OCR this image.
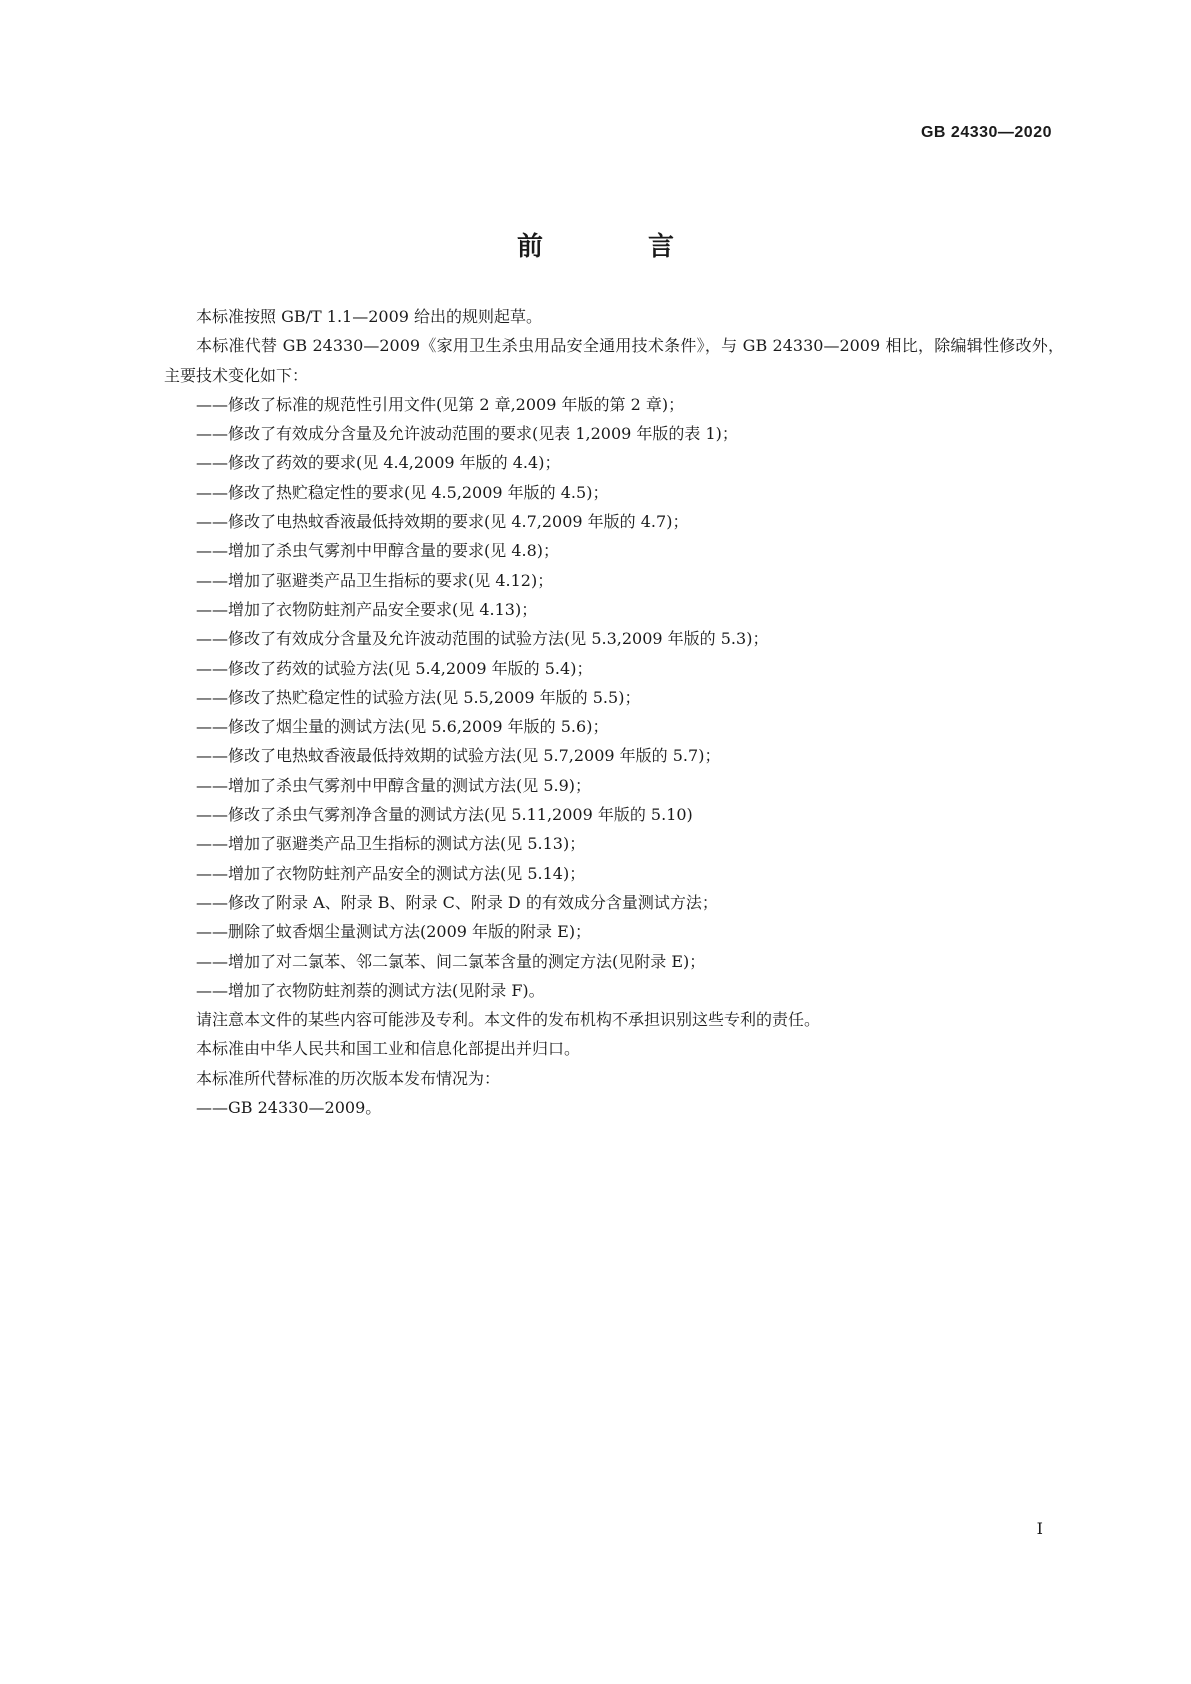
GB 24330—2020
前 言

本标准按照 GB/T 1.1—2009 给出的规则起草。

本标准代替 GB 24330—2009《家用卫生杀虫用品安全通用技术条件》，与 GB 24330—2009 相比，除编辑性修改外，主要技术变化如下：

——修改了标准的规范性引用文件(见第 2 章,2009 年版的第 2 章)；

——修改了有效成分含量及允许波动范围的要求(见表 1,2009 年版的表 1)；

——修改了药效的要求(见 4.4,2009 年版的 4.4)；

——修改了热贮稳定性的要求(见 4.5,2009 年版的 4.5)；

——修改了电热蚊香液最低持效期的要求(见 4.7,2009 年版的 4.7)；

——增加了杀虫气雾剂中甲醇含量的要求(见 4.8)；

——增加了驱避类产品卫生指标的要求(见 4.12)；

——增加了衣物防蛀剂产品安全要求(见 4.13)；

——修改了有效成分含量及允许波动范围的试验方法(见 5.3,2009 年版的 5.3)；

——修改了药效的试验方法(见 5.4,2009 年版的 5.4)；

——修改了热贮稳定性的试验方法(见 5.5,2009 年版的 5.5)；

——修改了烟尘量的测试方法(见 5.6,2009 年版的 5.6)；

——修改了电热蚊香液最低持效期的试验方法(见 5.7,2009 年版的 5.7)；

——增加了杀虫气雾剂中甲醇含量的测试方法(见 5.9)；

——修改了杀虫气雾剂净含量的测试方法(见 5.11,2009 年版的 5.10)

——增加了驱避类产品卫生指标的测试方法(见 5.13)；

——增加了衣物防蛀剂产品安全的测试方法(见 5.14)；

——修改了附录 A、附录 B、附录 C、附录 D 的有效成分含量测试方法；

——删除了蚊香烟尘量测试方法(2009 年版的附录 E)；

——增加了对二氯苯、邻二氯苯、间二氯苯含量的测定方法(见附录 E)；

——增加了衣物防蛀剂萘的测试方法(见附录 F)。

请注意本文件的某些内容可能涉及专利。本文件的发布机构不承担识别这些专利的责任。

本标准由中华人民共和国工业和信息化部提出并归口。

本标准所代替标准的历次版本发布情况为：

——GB 24330—2009。

I
